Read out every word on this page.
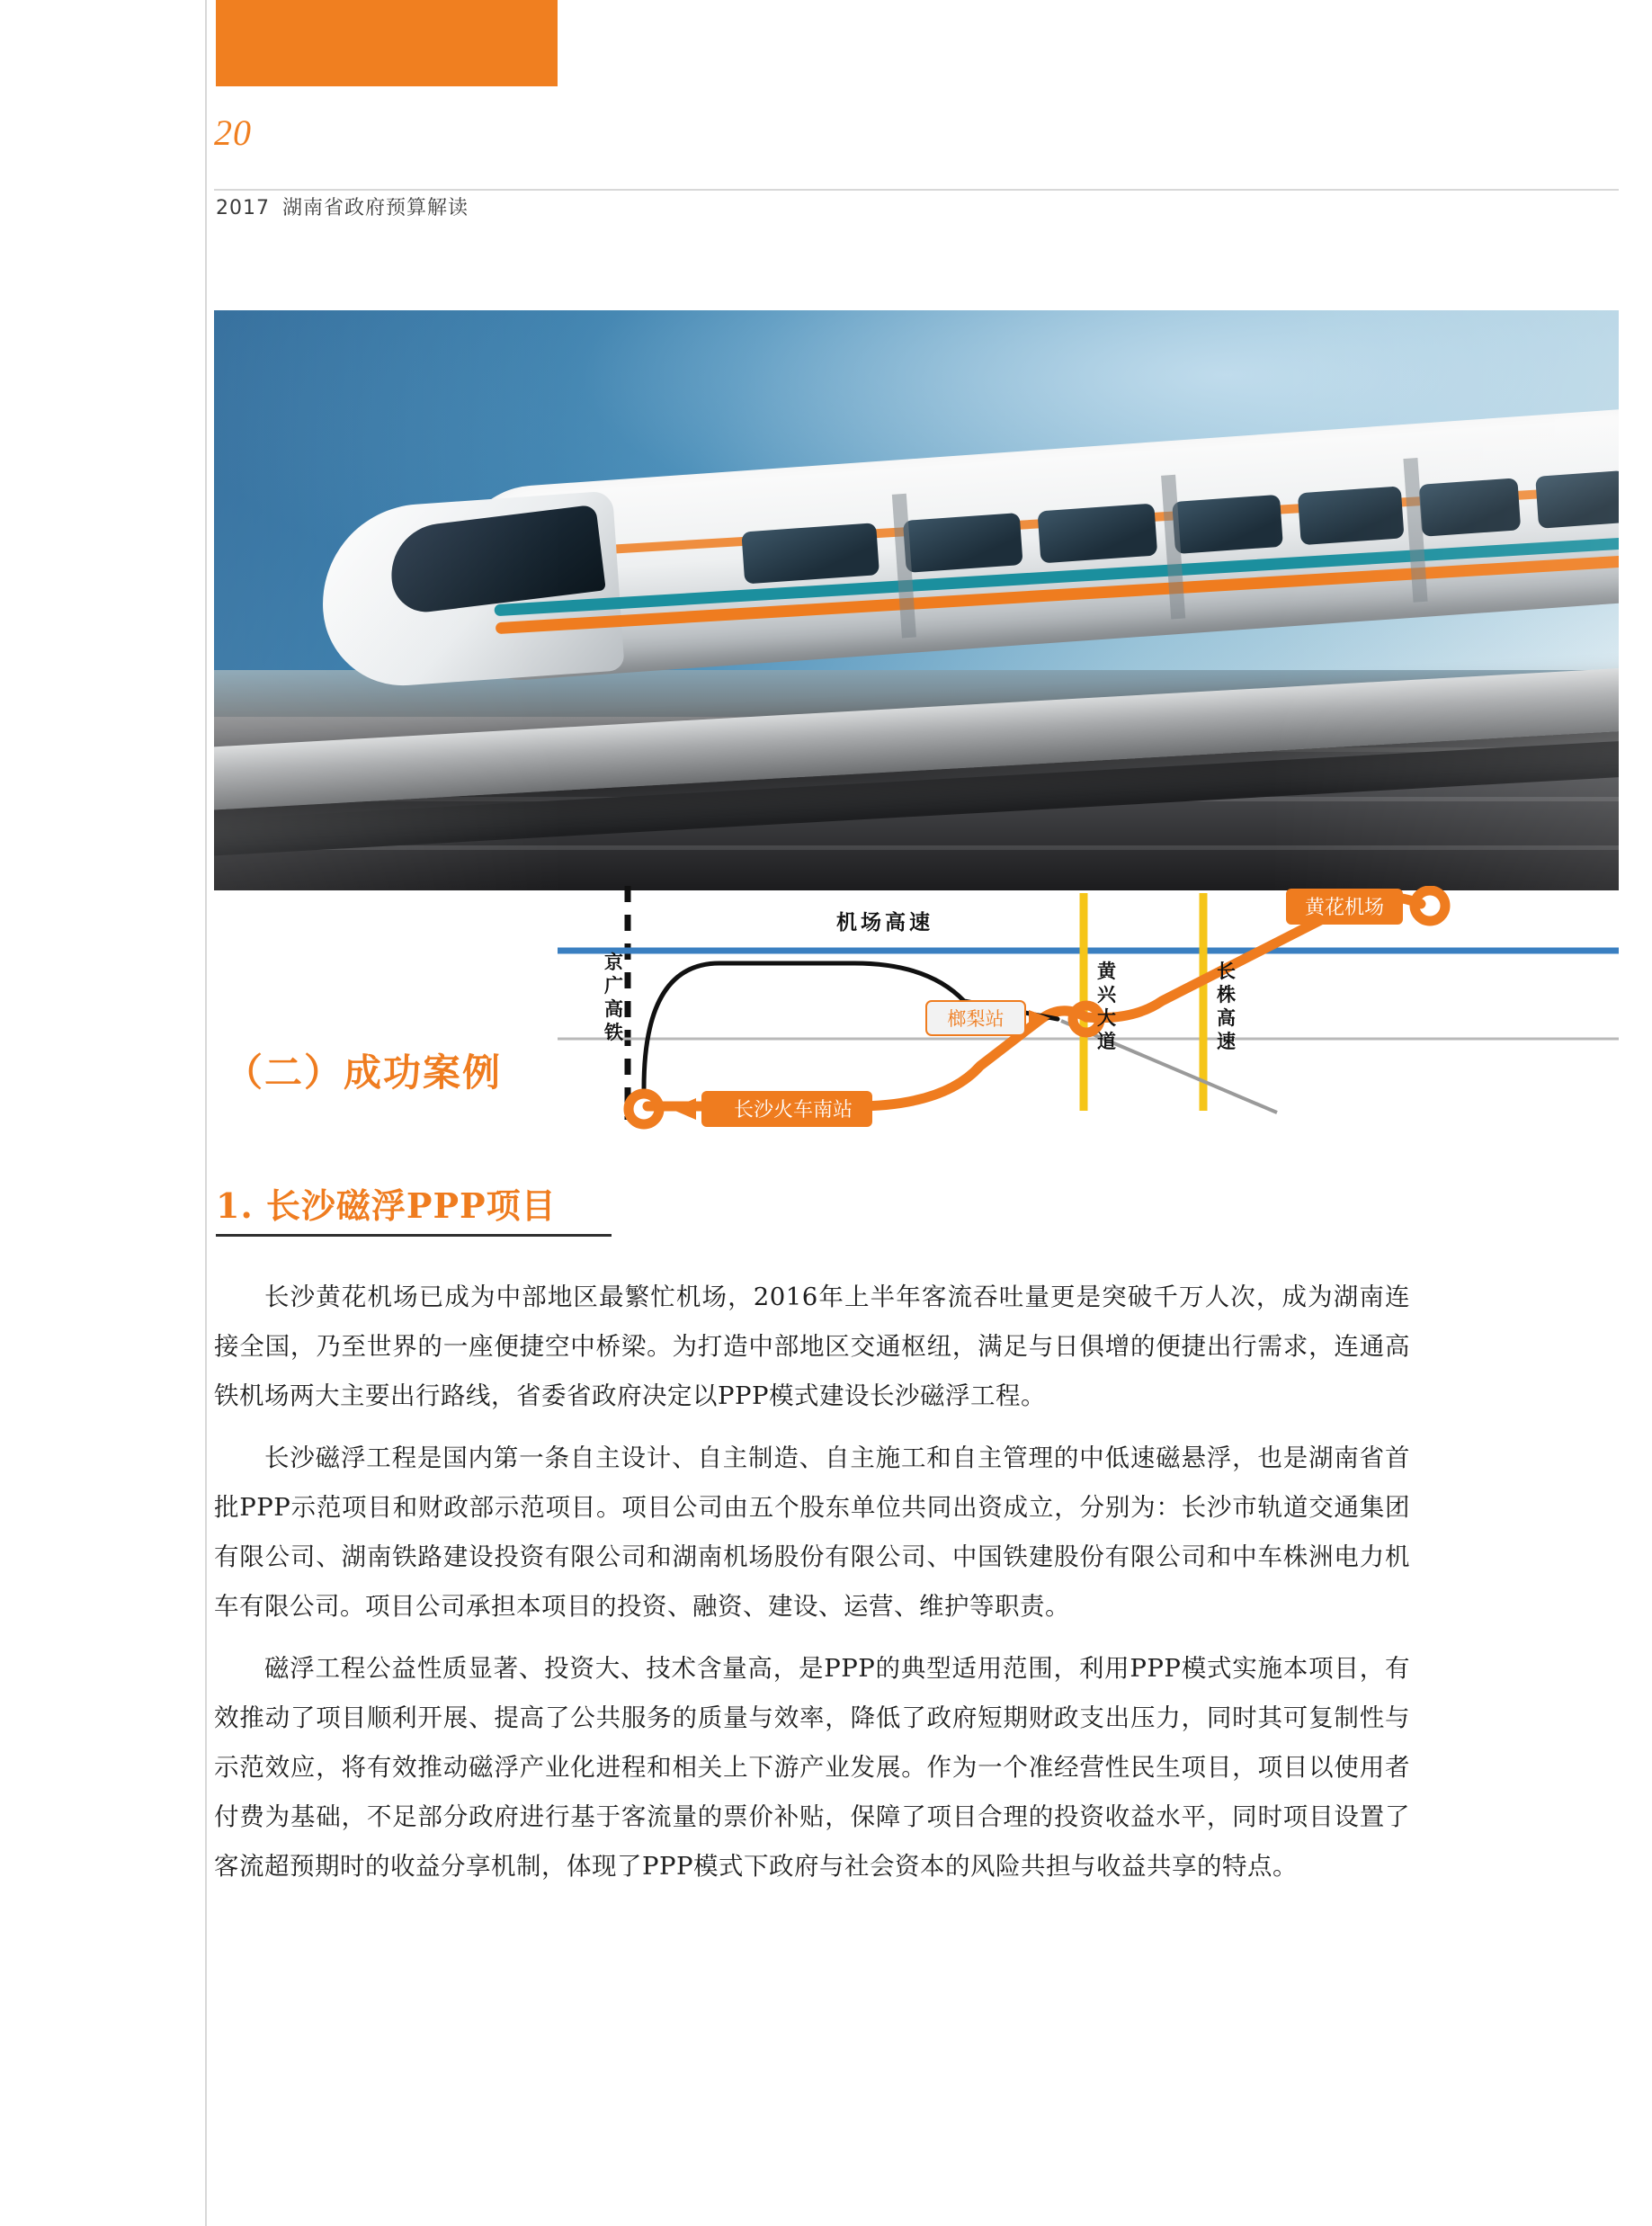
20
2017 湖南省政府预算解读
黄花机场
榔梨站
长沙火车南站
机场高速
京
广
高
铁
黄
兴
大
道
长
株
高
速
（二）成功案例
1. 长沙磁浮PPP项目

长沙黄花机场已成为中部地区最繁忙机场，2016年上半年客流吞吐量更是突破千万人次，成为湖南连接全国，乃至世界的一座便捷空中桥梁。为打造中部地区交通枢纽，满足与日俱增的便捷出行需求，连通高铁机场两大主要出行路线，省委省政府决定以PPP模式建设长沙磁浮工程。

长沙磁浮工程是国内第一条自主设计、自主制造、自主施工和自主管理的中低速磁悬浮，也是湖南省首批PPP示范项目和财政部示范项目。项目公司由五个股东单位共同出资成立，分别为：长沙市轨道交通集团有限公司、湖南铁路建设投资有限公司和湖南机场股份有限公司、中国铁建股份有限公司和中车株洲电力机车有限公司。项目公司承担本项目的投资、融资、建设、运营、维护等职责。

磁浮工程公益性质显著、投资大、技术含量高，是PPP的典型适用范围，利用PPP模式实施本项目，有效推动了项目顺利开展、提高了公共服务的质量与效率，降低了政府短期财政支出压力，同时其可复制性与示范效应，将有效推动磁浮产业化进程和相关上下游产业发展。作为一个准经营性民生项目，项目以使用者付费为基础，不足部分政府进行基于客流量的票价补贴，保障了项目合理的投资收益水平，同时项目设置了客流超预期时的收益分享机制，体现了PPP模式下政府与社会资本的风险共担与收益共享的特点。
